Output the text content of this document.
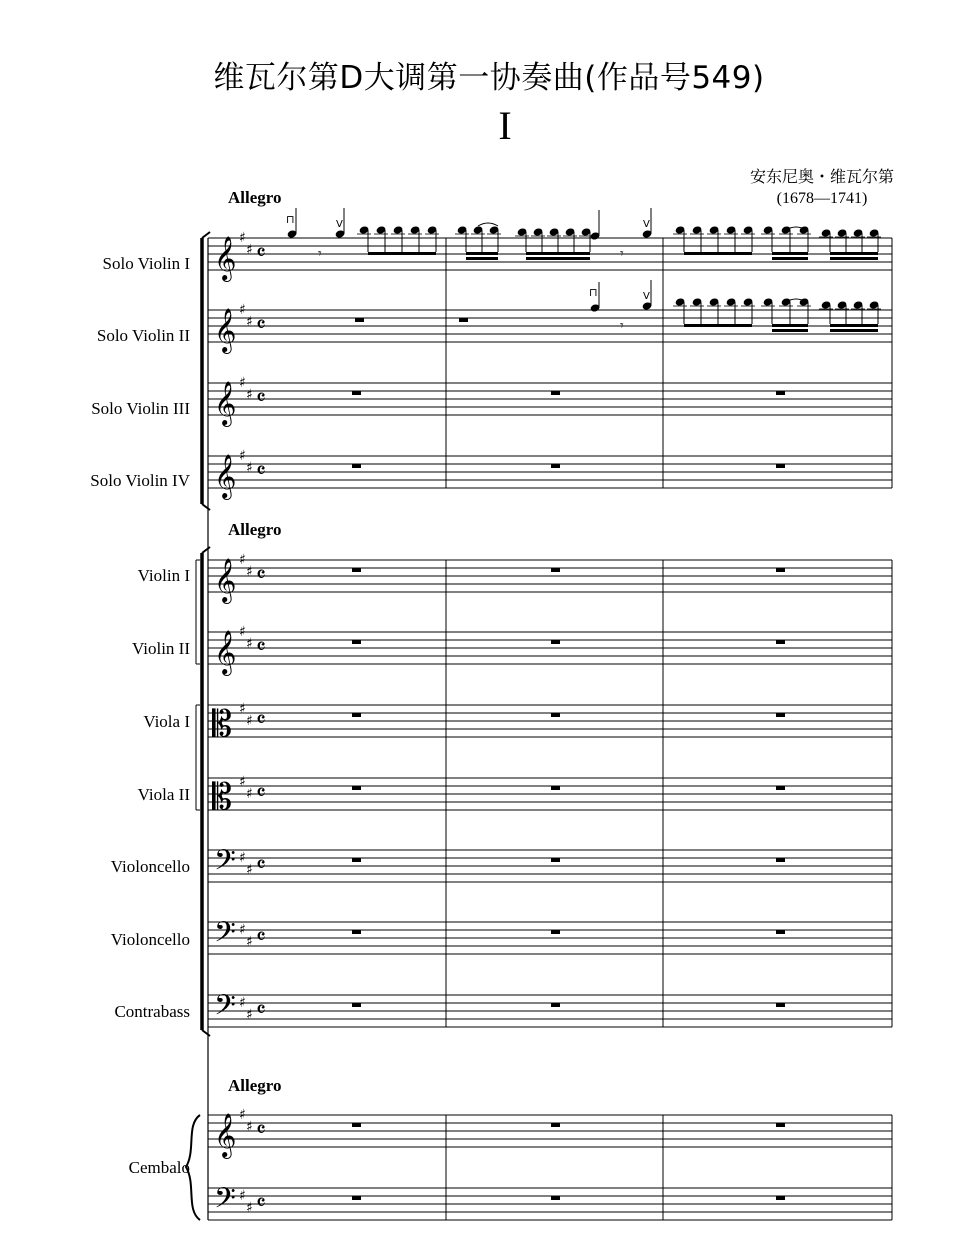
维瓦尔第D大调第一协奏曲(作品号549)
I
安东尼奥・维瓦尔第
(1678—1741)
Allegro
Allegro
Allegro
Solo Violin I
Solo Violin II
Solo Violin III
Solo Violin IV
Violin I
Violin II
Viola I
Viola II
Violoncello
Violoncello
Contrabass
Cembalo
𝄞 ♯
♯ 𝄴
𝄞 ♯
♯ 𝄴
𝄞 ♯
♯ 𝄴
𝄞 ♯
♯ 𝄴
𝄞 ♯
♯ 𝄴
𝄞 ♯
♯ 𝄴
𝄡 ♯
♯ 𝄴
𝄡 ♯
♯ 𝄴
𝄢 ♯
♯ 𝄴
𝄢 ♯
♯ 𝄴
𝄢 ♯
♯ 𝄴
𝄞 ♯
♯ 𝄴
𝄢 ♯
♯ 𝄴
⊓
𝄾
V
𝄾
V
⊓
𝄾
V
